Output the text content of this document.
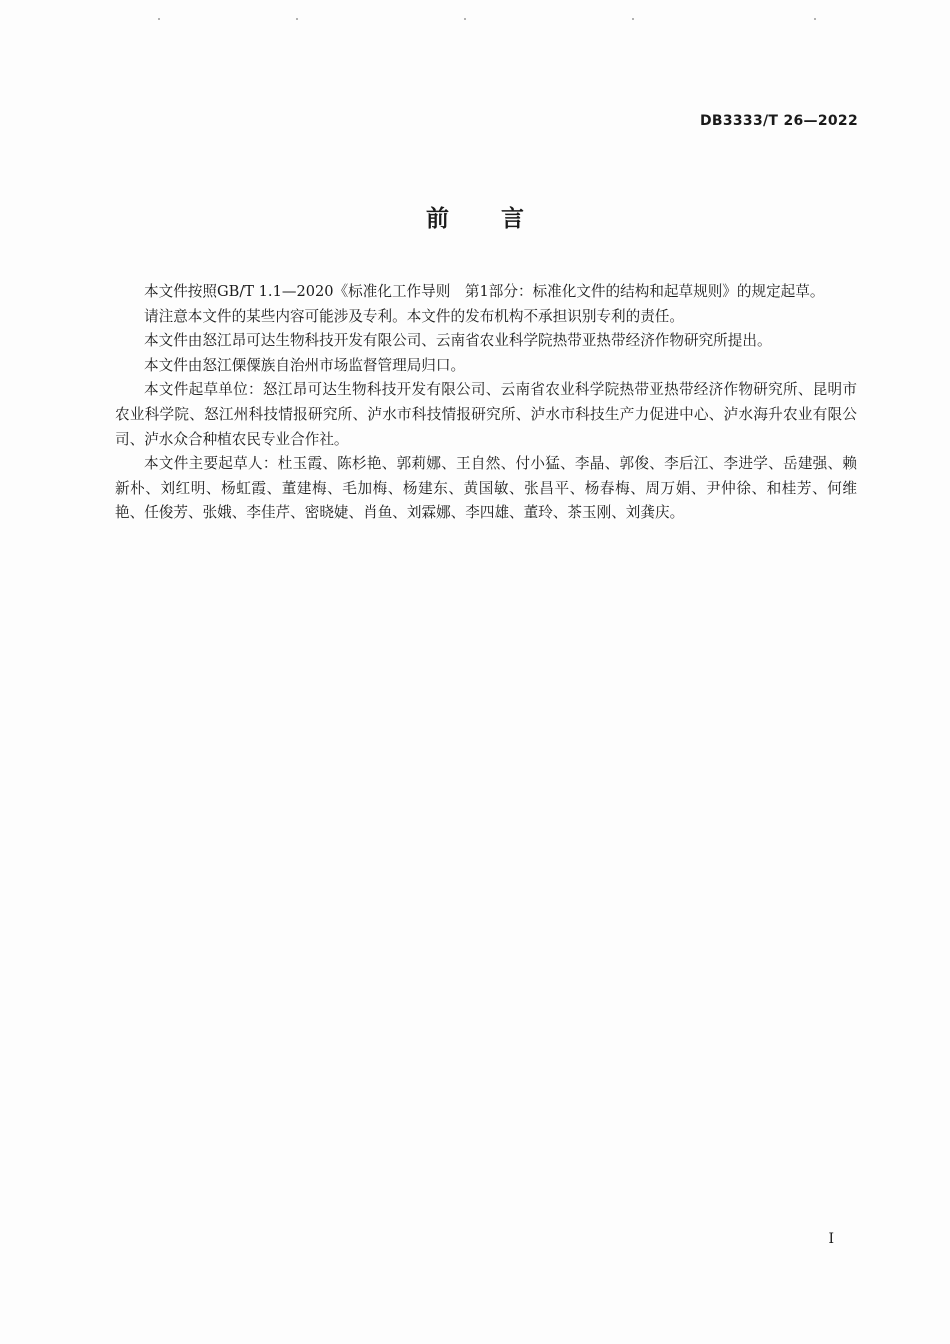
DB3333/T 26—2022
前 言

本文件按照GB/T 1.1—2020《标准化工作导则　第1部分：标准化文件的结构和起草规则》的规定起草。

请注意本文件的某些内容可能涉及专利。本文件的发布机构不承担识别专利的责任。

本文件由怒江昂可达生物科技开发有限公司、云南省农业科学院热带亚热带经济作物研究所提出。

本文件由怒江傈僳族自治州市场监督管理局归口。

本文件起草单位：怒江昂可达生物科技开发有限公司、云南省农业科学院热带亚热带经济作物研究所、昆明市农业科学院、怒江州科技情报研究所、泸水市科技情报研究所、泸水市科技生产力促进中心、泸水海升农业有限公司、泸水众合种植农民专业合作社。

本文件主要起草人：杜玉霞、陈杉艳、郭莉娜、王自然、付小猛、李晶、郭俊、李后江、李进学、岳建强、赖新朴、刘红明、杨虹霞、董建梅、毛加梅、杨建东、黄国敏、张昌平、杨春梅、周万娟、尹仲徐、和桂芳、何维艳、任俊芳、张娥、李佳芹、密晓婕、肖鱼、刘霖娜、李四雄、董玲、茶玉刚、刘龚庆。

I
